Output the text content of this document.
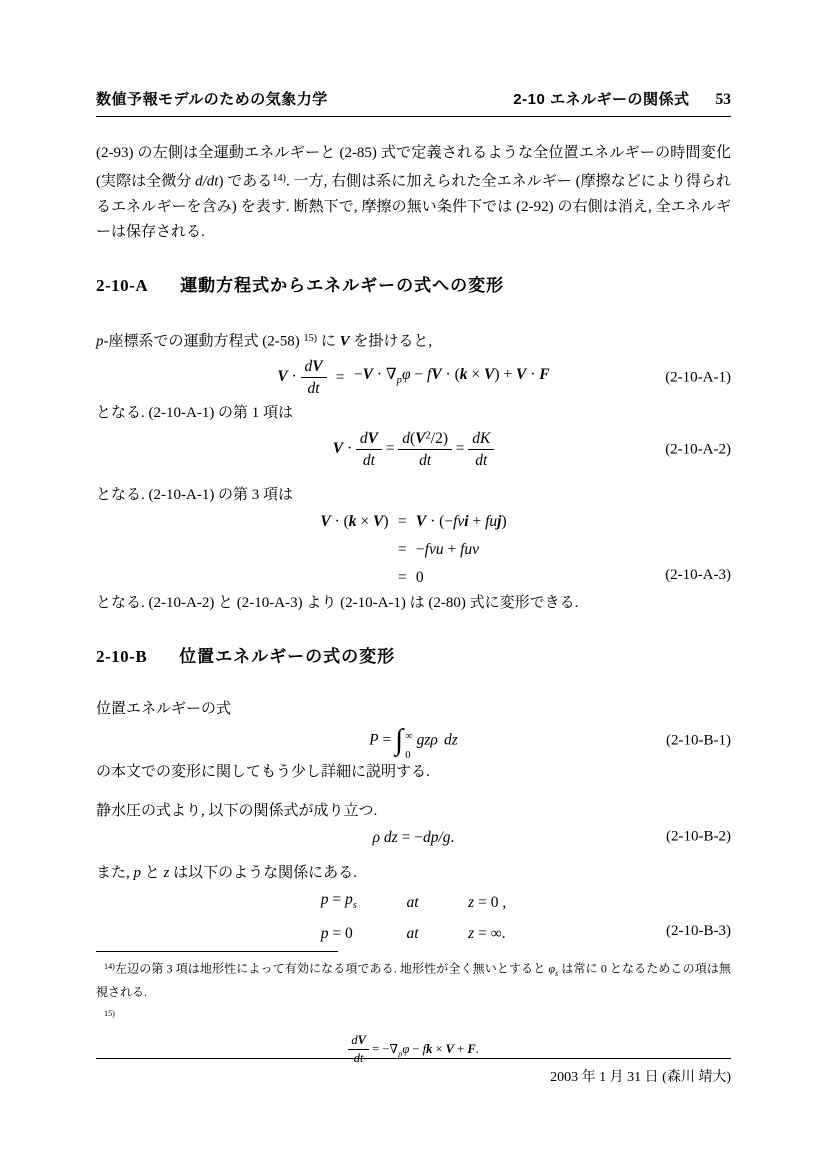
数値予報モデルのための気象力学	2-10 エネルギーの関係式 53

(2-93) の左側は全運動エネルギーと (2-85) 式で定義されるような全位置エネルギーの時間変化 (実際は全微分 d/dt) である$^{14)}$. 一方, 右側は系に加えられた全エネルギー (摩擦などにより得られるエネルギーを含み) を表す. 断熱下で, 摩擦の無い条件下では (2-92) の右側は消え, 全エネルギーは保存される.

2-10-A 運動方程式からエネルギーの式への変形

p-座標系での運動方程式 (2-58) $^{15)}$ に V を掛けると,

$V \cdot \frac{dV}{dt} = -V \cdot \nabla_p\varphi$ − fV · (k × V) + V · F	(2-10-A-1)

となる. (2-10-A-1) の第 1 項は

$V \cdot \frac{dV}{dt} = \frac{d(V^2/2)}{dt} = \frac{dK}{dt}$	(2-10-A-2)

となる. (2-10-A-1) の第 3 項は

V · (k × V) = V · (−fvi + fuj)
= −fvu + fuv
= 0	(2-10-A-3)

となる. (2-10-A-2) と (2-10-A-3) より (2-10-A-1) は (2-80) 式に変形できる.

2-10-B 位置エネルギーの式の変形

位置エネルギーの式

P = ∫ ∞
0
gzρ dz	(2-10-B-1)

の本文での変形に関してもう少し詳細に説明する.

静水圧の式より, 以下の関係式が成り立つ.

ρ dz = −dp/g.	(2-10-B-2)

また, p と z は以下のような関係にある.

$p = p_s$	at	z = 0 ,
p = 0	at	z = ∞.	(2-10-B-3)

$^{14)}$左辺の第 3 項は地形性によって有効になる項である. 地形性が全く無いとすると $\varphi_s$ は常に 0 となるためこの項は無視される.

$^{15)}$

$\frac{dV}{dt} = -\nabla_p\varphi$ − fk × V + F.

2003 年 1 月 31 日 (森川 靖大)
